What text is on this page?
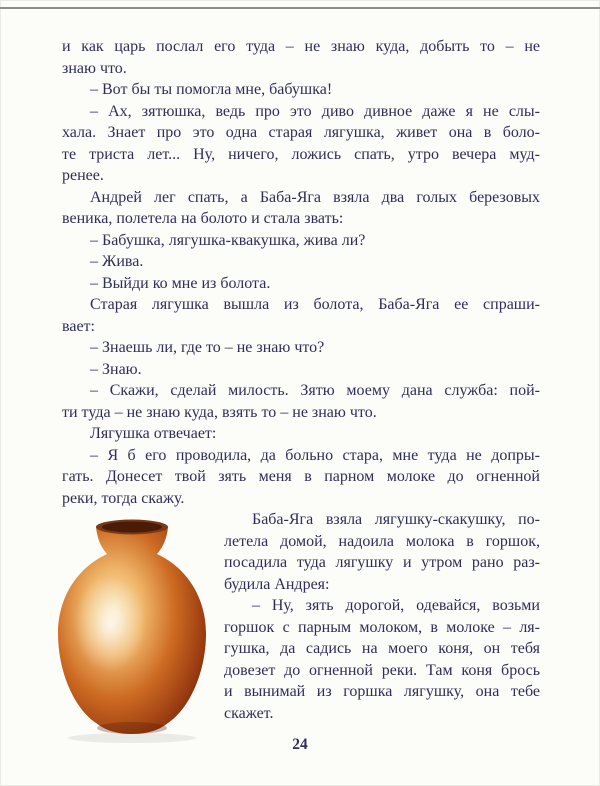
и как царь послал его туда – не знаю куда, добыть то – не
знаю что.
– Вот бы ты помогла мне, бабушка!
– Ах, зятюшка, ведь про это диво дивное даже я не слы-
хала. Знает про это одна старая лягушка, живет она в боло-
те триста лет... Ну, ничего, ложись спать, утро вечера муд-
ренее.
Андрей лег спать, а Баба-Яга взяла два голых березовых
веника, полетела на болото и стала звать:
– Бабушка, лягушка-квакушка, жива ли?
– Жива.
– Выйди ко мне из болота.
Старая лягушка вышла из болота, Баба-Яга ее спраши-
вает:
– Знаешь ли, где то – не знаю что?
– Знаю.
– Скажи, сделай милость. Зятю моему дана служба: пой-
ти туда – не знаю куда, взять то – не знаю что.
Лягушка отвечает:
– Я б его проводила, да больно стара, мне туда не допры-
гать. Донесет твой зять меня в парном молоке до огненной
реки, тогда скажу.
Баба-Яга взяла лягушку-скакушку, по-
летела домой, надоила молока в горшок,
посадила туда лягушку и утром рано раз-
будила Андрея:
– Ну, зять дорогой, одевайся, возьми
горшок с парным молоком, в молоке – ля-
гушка, да садись на моего коня, он тебя
довезет до огненной реки. Там коня брось
и вынимай из горшка лягушку, она тебе
скажет.
24
